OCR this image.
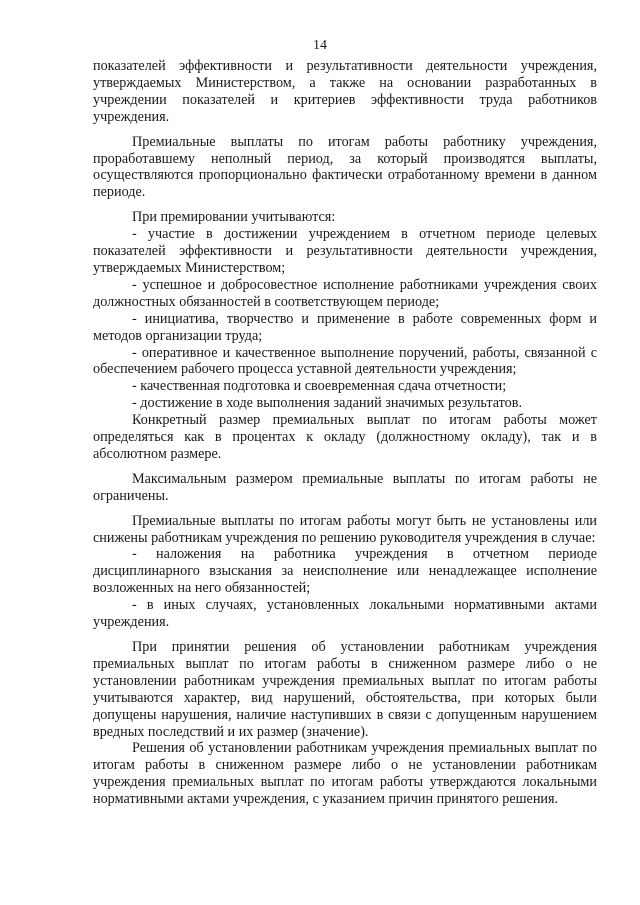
14

показателей эффективности и результативности деятельности учреждения, утверждаемых Министерством, а также на основании разработанных в учреждении показателей и критериев эффективности труда работников учреждения.

Премиальные выплаты по итогам работы работнику учреждения, проработавшему неполный период, за который производятся выплаты, осуществляются пропорционально фактически отработанному времени в данном периоде.

При премировании учитываются:

- участие в достижении учреждением в отчетном периоде целевых показателей эффективности и результативности деятельности учреждения, утверждаемых Министерством;

- успешное и добросовестное исполнение работниками учреждения своих должностных обязанностей в соответствующем периоде;

- инициатива, творчество и применение в работе современных форм и методов организации труда;

- оперативное и качественное выполнение поручений, работы, связанной с обеспечением рабочего процесса уставной деятельности учреждения;

- качественная подготовка и своевременная сдача отчетности;

- достижение в ходе выполнения заданий значимых результатов.

Конкретный размер премиальных выплат по итогам работы может определяться как в процентах к окладу (должностному окладу), так и в абсолютном размере.

Максимальным размером премиальные выплаты по итогам работы не ограничены.

Премиальные выплаты по итогам работы могут быть не установлены или снижены работникам учреждения по решению руководителя учреждения в случае:

- наложения на работника учреждения в отчетном периоде дисциплинарного взыскания за неисполнение или ненадлежащее исполнение возложенных на него обязанностей;

- в иных случаях, установленных локальными нормативными актами учреждения.

При принятии решения об установлении работникам учреждения премиальных выплат по итогам работы в сниженном размере либо о не установлении работникам учреждения премиальных выплат по итогам работы учитываются характер, вид нарушений, обстоятельства, при которых были допущены нарушения, наличие наступивших в связи с допущенным нарушением вредных последствий и их размер (значение).

Решения об установлении работникам учреждения премиальных выплат по итогам работы в сниженном размере либо о не установлении работникам учреждения премиальных выплат по итогам работы утверждаются локальными нормативными актами учреждения, с указанием причин принятого решения.
